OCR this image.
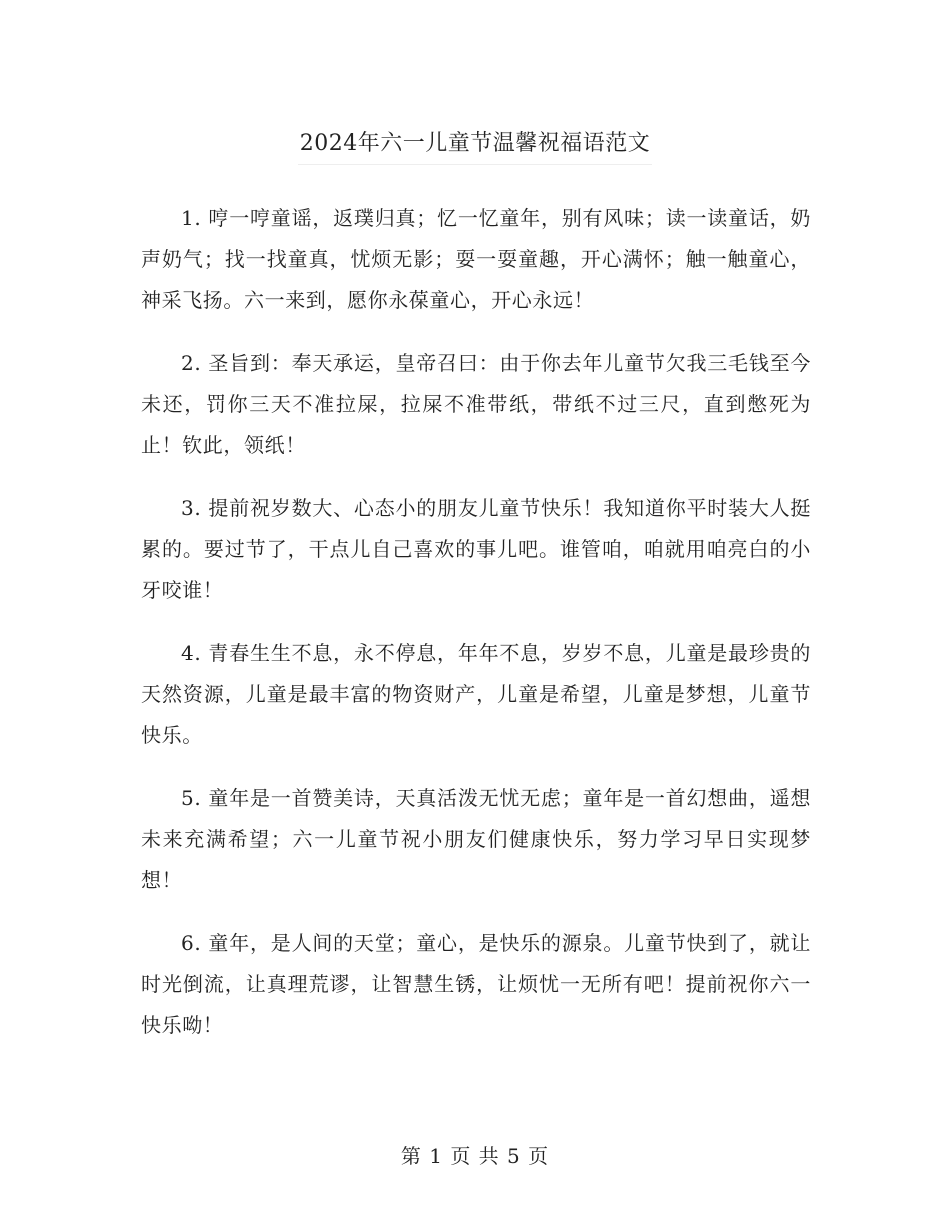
2024年六一儿童节温馨祝福语范文

1. 哼一哼童谣，返璞归真；忆一忆童年，别有风味；读一读童话，奶声奶气；找一找童真，忧烦无影；耍一耍童趣，开心满怀；触一触童心，神采飞扬。六一来到，愿你永葆童心，开心永远！

2. 圣旨到：奉天承运，皇帝召曰：由于你去年儿童节欠我三毛钱至今未还，罚你三天不准拉屎，拉屎不准带纸，带纸不过三尺，直到憋死为止！钦此，领纸！

3. 提前祝岁数大、心态小的朋友儿童节快乐！我知道你平时装大人挺累的。要过节了，干点儿自己喜欢的事儿吧。谁管咱，咱就用咱亮白的小牙咬谁！

4. 青春生生不息，永不停息，年年不息，岁岁不息，儿童是最珍贵的天然资源，儿童是最丰富的物资财产，儿童是希望，儿童是梦想，儿童节快乐。

5. 童年是一首赞美诗，天真活泼无忧无虑；童年是一首幻想曲，遥想未来充满希望；六一儿童节祝小朋友们健康快乐，努力学习早日实现梦想！

6. 童年，是人间的天堂；童心，是快乐的源泉。儿童节快到了，就让时光倒流，让真理荒谬，让智慧生锈，让烦忧一无所有吧！提前祝你六一快乐呦！

第 1 页 共 5 页
